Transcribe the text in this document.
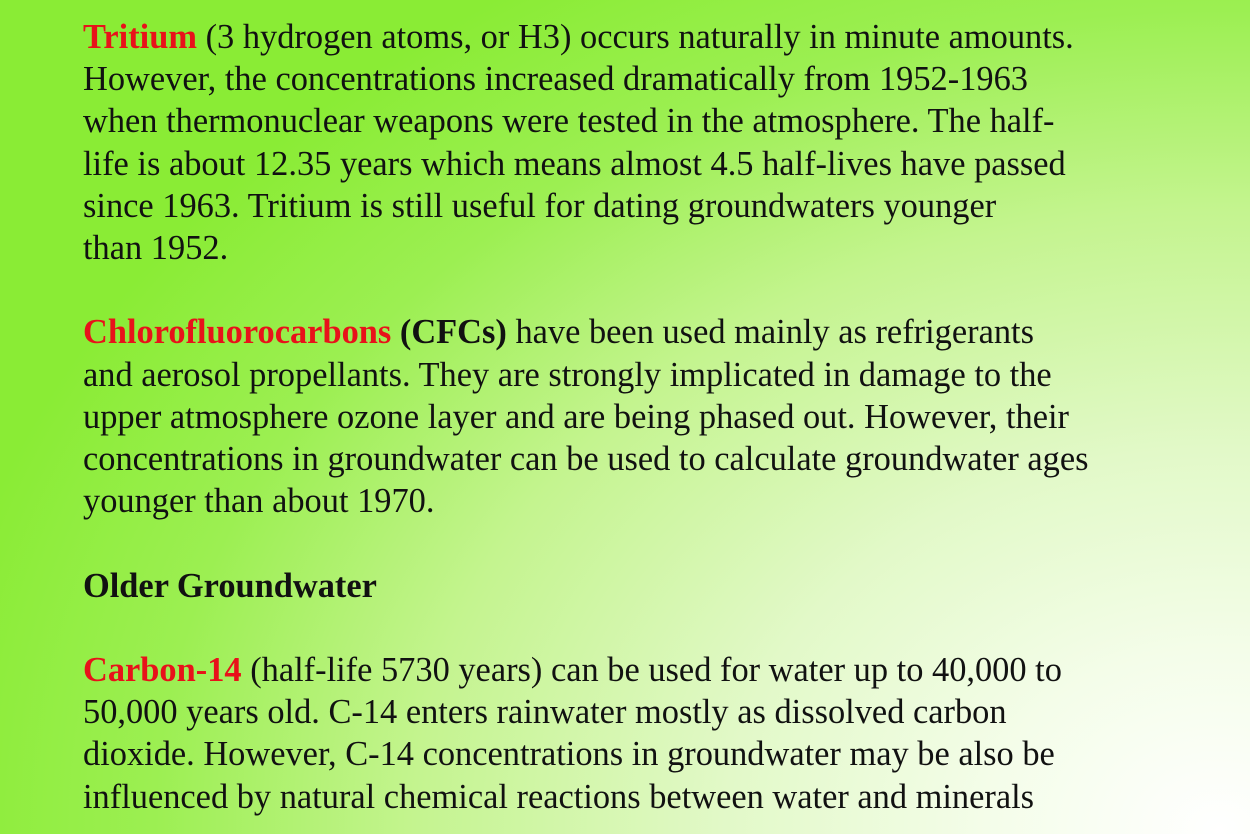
Tritium (3 hydrogen atoms, or H3) occurs naturally in minute amounts.
However, the concentrations increased dramatically from 1952-1963
when thermonuclear weapons were tested in the atmosphere. The half-
life is about 12.35 years which means almost 4.5 half-lives have passed
since 1963. Tritium is still useful for dating groundwaters younger
than 1952.
Chlorofluorocarbons (CFCs) have been used mainly as refrigerants
and aerosol propellants. They are strongly implicated in damage to the
upper atmosphere ozone layer and are being phased out. However, their
concentrations in groundwater can be used to calculate groundwater ages
younger than about 1970.
Older Groundwater
Carbon-14 (half-life 5730 years) can be used for water up to 40,000 to
50,000 years old. C-14 enters rainwater mostly as dissolved carbon
dioxide. However, C-14 concentrations in groundwater may be also be
influenced by natural chemical reactions between water and minerals
